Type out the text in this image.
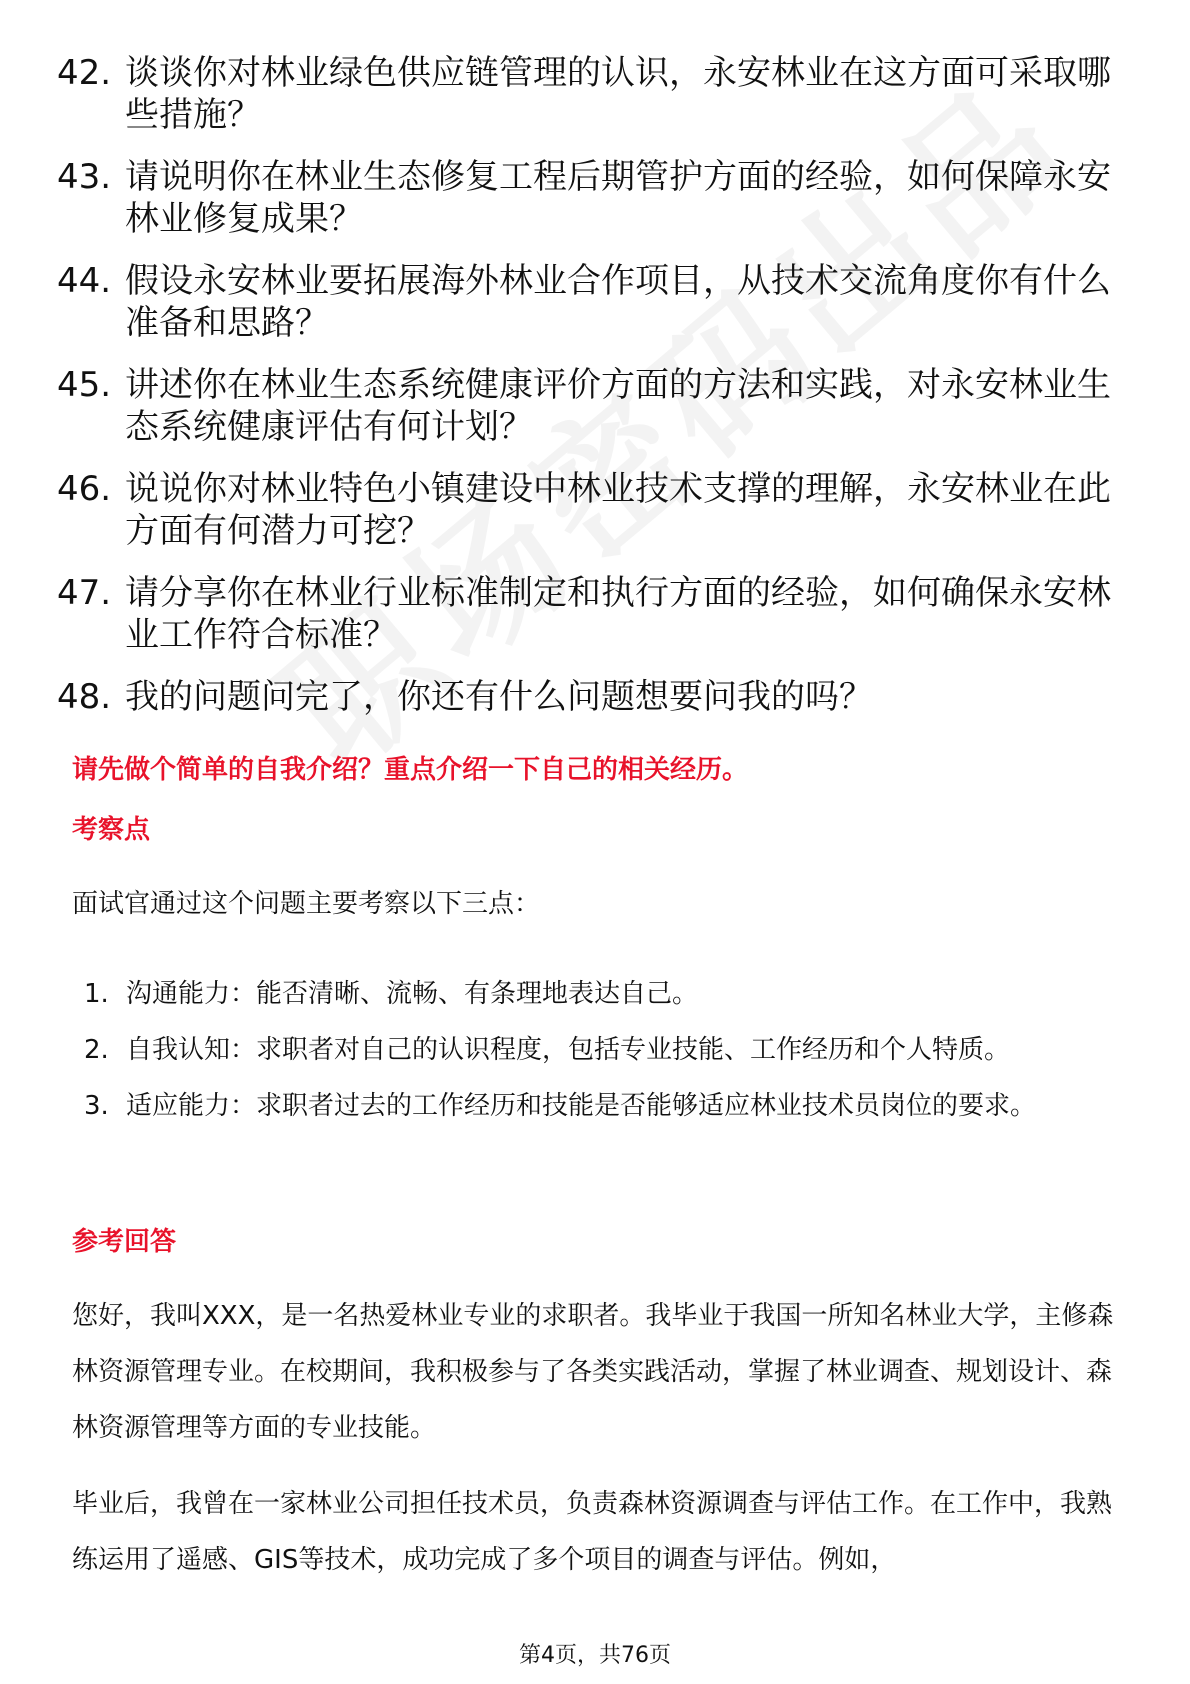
42. 谈谈你对林业绿色供应链管理的认识，永安林业在这方面可采取哪些措施？
43. 请说明你在林业生态修复工程后期管护方面的经验，如何保障永安林业修复成果？
44. 假设永安林业要拓展海外林业合作项目，从技术交流角度你有什么准备和思路？
45. 讲述你在林业生态系统健康评价方面的方法和实践，对永安林业生态系统健康评估有何计划？
46. 说说你对林业特色小镇建设中林业技术支撑的理解，永安林业在此方面有何潜力可挖？
47. 请分享你在林业行业标准制定和执行方面的经验，如何确保永安林业工作符合标准？
48. 我的问题问完了，你还有什么问题想要问我的吗？
请先做个简单的自我介绍？重点介绍一下自己的相关经历。
考察点
面试官通过这个问题主要考察以下三点：
1. 沟通能力：能否清晰、流畅、有条理地表达自己。
2. 自我认知：求职者对自己的认识程度，包括专业技能、工作经历和个人特质。
3. 适应能力：求职者过去的工作经历和技能是否能够适应林业技术员岗位的要求。
参考回答
您好，我叫XXX，是一名热爱林业专业的求职者。我毕业于我国一所知名林业大学，主修森林资源管理专业。在校期间，我积极参与了各类实践活动，掌握了林业调查、规划设计、森林资源管理等方面的专业技能。
毕业后，我曾在一家林业公司担任技术员，负责森林资源调查与评估工作。在工作中，我熟练运用了遥感、GIS等技术，成功完成了多个项目的调查与评估。例如，
第4页，共76页
